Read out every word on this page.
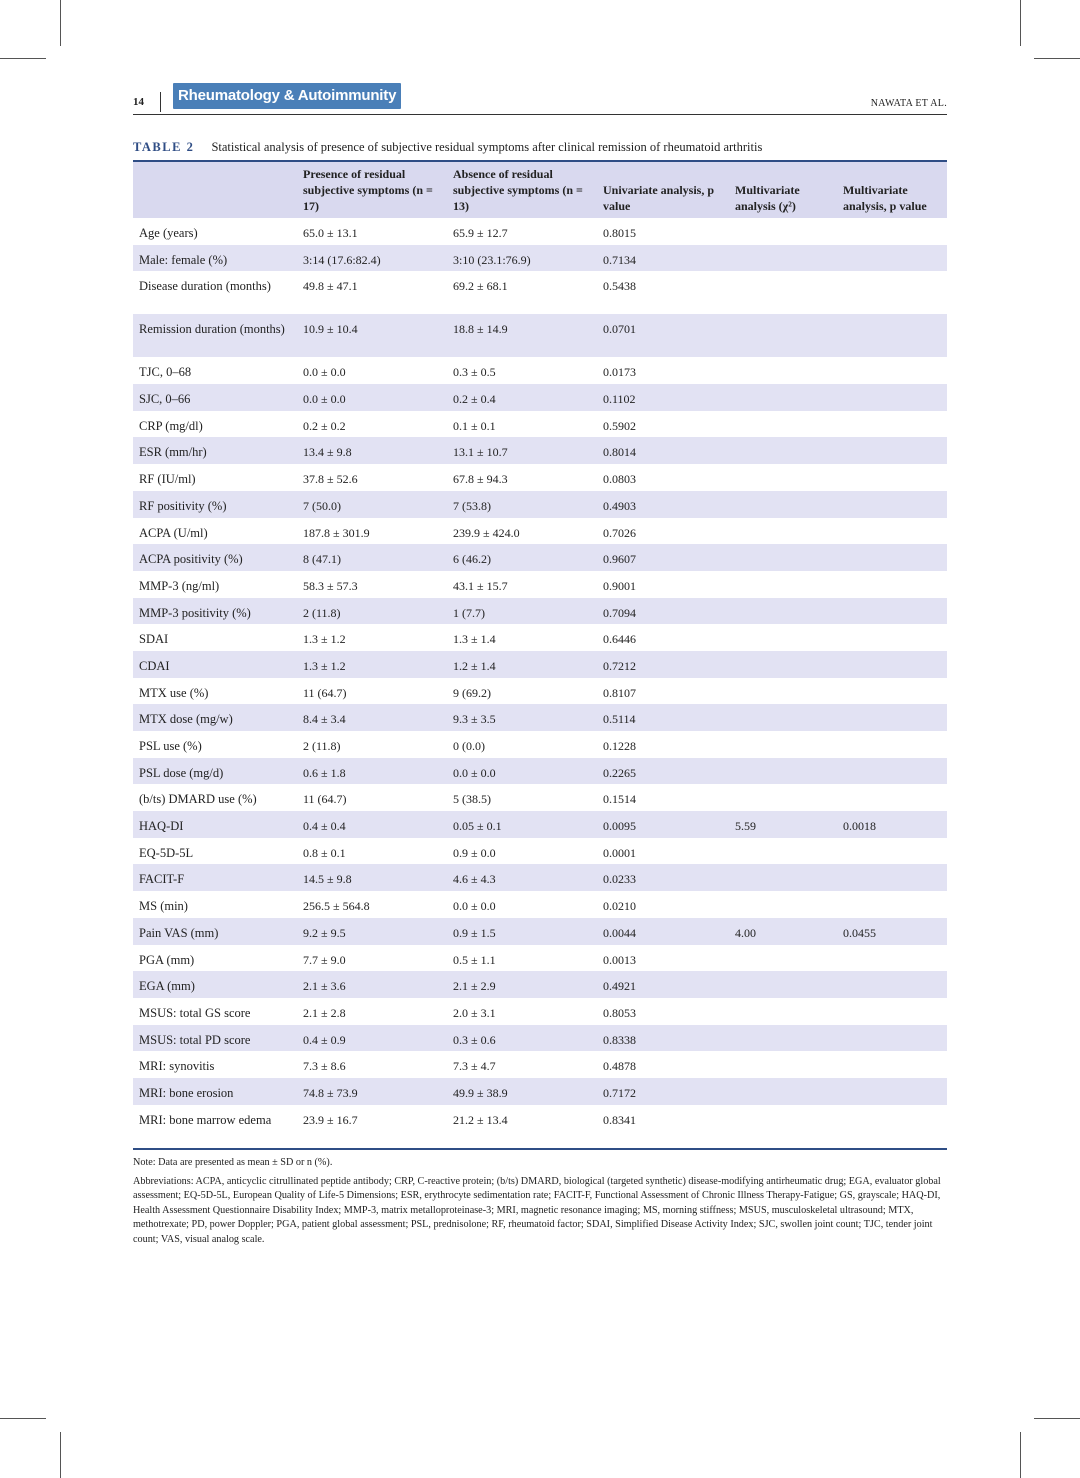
14	Rheumatology & Autoimmunity	NAWATA ET AL.
TABLE 2 Statistical analysis of presence of subjective residual symptoms after clinical remission of rheumatoid arthritis
	Presence of residual subjective symptoms (n = 17)	Absence of residual subjective symptoms (n = 13)	Univariate analysis, p value	Multivariate analysis (χ²)	Multivariate analysis, p value

Age (years)	65.0 ± 13.1	65.9 ± 12.7	0.8015		

Male: female (%)	3:14 (17.6:82.4)	3:10 (23.1:76.9)	0.7134		

Disease duration (months)	49.8 ± 47.1	69.2 ± 68.1	0.5438		

Remission duration (months)	10.9 ± 10.4	18.8 ± 14.9	0.0701		

TJC, 0–68	0.0 ± 0.0	0.3 ± 0.5	0.0173		

SJC, 0–66	0.0 ± 0.0	0.2 ± 0.4	0.1102		

CRP (mg/dl)	0.2 ± 0.2	0.1 ± 0.1	0.5902		

ESR (mm/hr)	13.4 ± 9.8	13.1 ± 10.7	0.8014		

RF (IU/ml)	37.8 ± 52.6	67.8 ± 94.3	0.0803		

RF positivity (%)	7 (50.0)	7 (53.8)	0.4903		

ACPA (U/ml)	187.8 ± 301.9	239.9 ± 424.0	0.7026		

ACPA positivity (%)	8 (47.1)	6 (46.2)	0.9607		

MMP-3 (ng/ml)	58.3 ± 57.3	43.1 ± 15.7	0.9001		

MMP-3 positivity (%)	2 (11.8)	1 (7.7)	0.7094		

SDAI	1.3 ± 1.2	1.3 ± 1.4	0.6446		

CDAI	1.3 ± 1.2	1.2 ± 1.4	0.7212		

MTX use (%)	11 (64.7)	9 (69.2)	0.8107		

MTX dose (mg/w)	8.4 ± 3.4	9.3 ± 3.5	0.5114		

PSL use (%)	2 (11.8)	0 (0.0)	0.1228		

PSL dose (mg/d)	0.6 ± 1.8	0.0 ± 0.0	0.2265		

(b/ts) DMARD use (%)	11 (64.7)	5 (38.5)	0.1514		

HAQ-DI	0.4 ± 0.4	0.05 ± 0.1	0.0095	5.59	0.0018

EQ-5D-5L	0.8 ± 0.1	0.9 ± 0.0	0.0001		

FACIT-F	14.5 ± 9.8	4.6 ± 4.3	0.0233		

MS (min)	256.5 ± 564.8	0.0 ± 0.0	0.0210		

Pain VAS (mm)	9.2 ± 9.5	0.9 ± 1.5	0.0044	4.00	0.0455

PGA (mm)	7.7 ± 9.0	0.5 ± 1.1	0.0013		

EGA (mm)	2.1 ± 3.6	2.1 ± 2.9	0.4921		

MSUS: total GS score	2.1 ± 2.8	2.0 ± 3.1	0.8053		

MSUS: total PD score	0.4 ± 0.9	0.3 ± 0.6	0.8338		

MRI: synovitis	7.3 ± 8.6	7.3 ± 4.7	0.4878		

MRI: bone erosion	74.8 ± 73.9	49.9 ± 38.9	0.7172		

MRI: bone marrow edema	23.9 ± 16.7	21.2 ± 13.4	0.8341		

Note: Data are presented as mean ± SD or n (%).

Abbreviations: ACPA, anticyclic citrullinated peptide antibody; CRP, C-reactive protein; (b/ts) DMARD, biological (targeted synthetic) disease-modifying antirheumatic drug; EGA, evaluator global assessment; EQ-5D-5L, European Quality of Life-5 Dimensions; ESR, erythrocyte sedimentation rate; FACIT-F, Functional Assessment of Chronic Illness Therapy-Fatigue; GS, grayscale; HAQ-DI, Health Assessment Questionnaire Disability Index; MMP-3, matrix metalloproteinase-3; MRI, magnetic resonance imaging; MS, morning stiffness; MSUS, musculoskeletal ultrasound; MTX, methotrexate; PD, power Doppler; PGA, patient global assessment; PSL, prednisolone; RF, rheumatoid factor; SDAI, Simplified Disease Activity Index; SJC, swollen joint count; TJC, tender joint count; VAS, visual analog scale.
